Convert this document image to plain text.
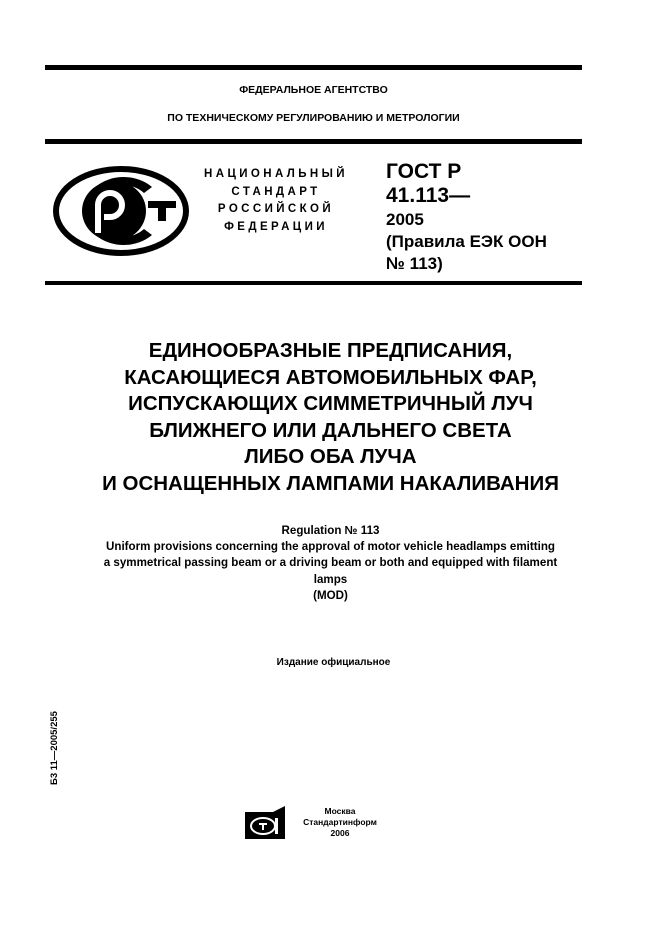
ФЕДЕРАЛЬНОЕ АГЕНТСТВО
ПО ТЕХНИЧЕСКОМУ РЕГУЛИРОВАНИЮ И МЕТРОЛОГИИ
НАЦИОНАЛЬНЫЙ
СТАНДАРТ
РОССИЙСКОЙ
ФЕДЕРАЦИИ
ГОСТ Р
41.113—
2005
(Правила ЕЭК ООН
№ 113)
ЕДИНООБРАЗНЫЕ ПРЕДПИСАНИЯ,
КАСАЮЩИЕСЯ АВТОМОБИЛЬНЫХ ФАР,
ИСПУСКАЮЩИХ СИММЕТРИЧНЫЙ ЛУЧ
БЛИЖНЕГО ИЛИ ДАЛЬНЕГО СВЕТА
ЛИБО ОБА ЛУЧА
И ОСНАЩЕННЫХ ЛАМПАМИ НАКАЛИВАНИЯ
Regulation № 113
Uniform provisions concerning the approval of motor vehicle headlamps emitting
a symmetrical passing beam or a driving beam or both and equipped with filament
lamps
(MOD)
Издание официальное
Б3 11—2005/255
Москва
Стандартинформ
2006
